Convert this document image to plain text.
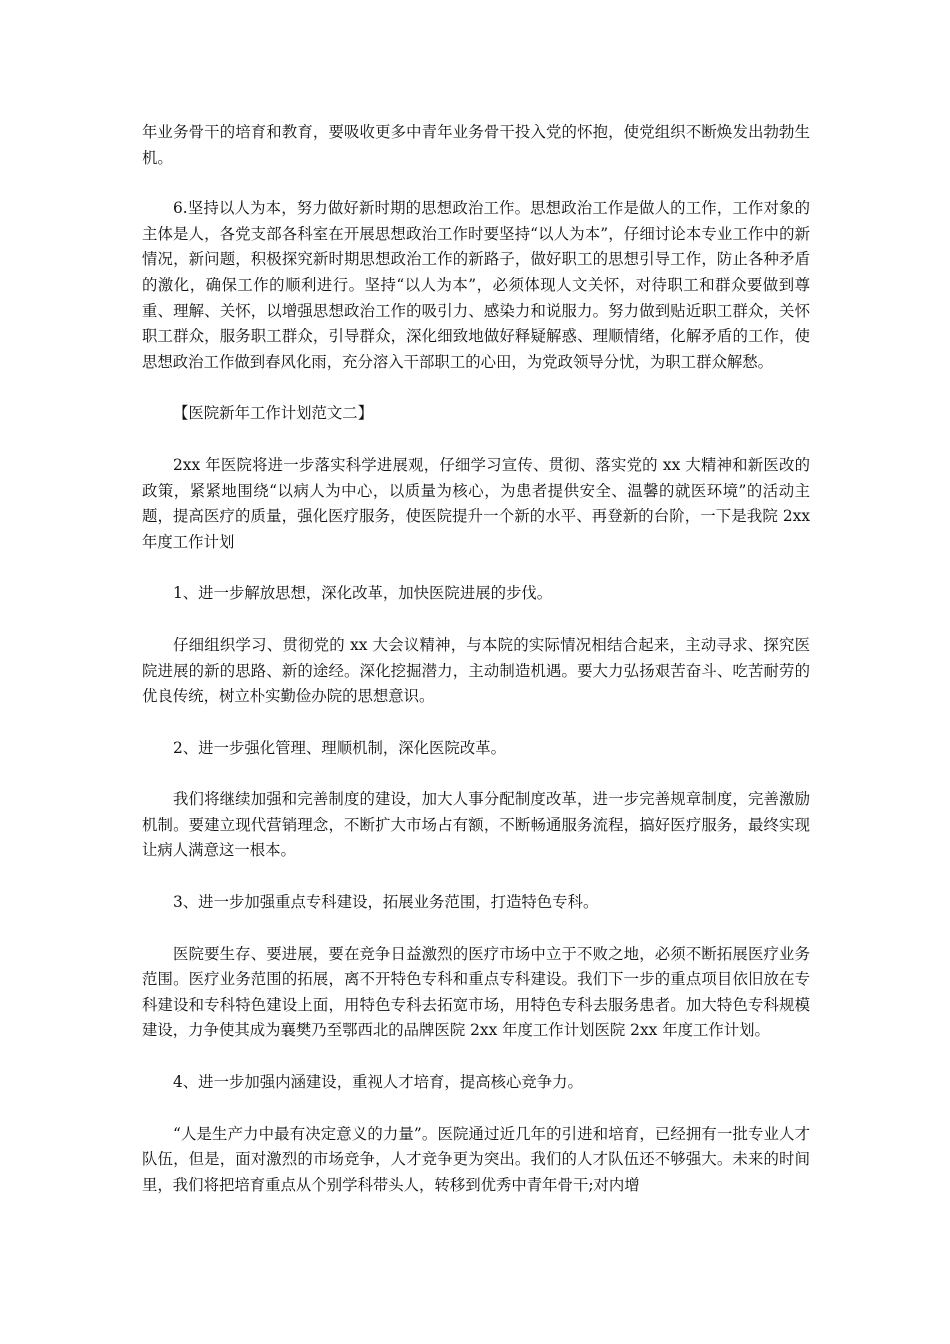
年业务骨干的培育和教育，要吸收更多中青年业务骨干投入党的怀抱，使党组织不断焕发出勃勃生机。

6.坚持以人为本，努力做好新时期的思想政治工作。思想政治工作是做人的工作，工作对象的主体是人，各党支部各科室在开展思想政治工作时要坚持“以人为本”，仔细讨论本专业工作中的新情况，新问题，积极探究新时期思想政治工作的新路子，做好职工的思想引导工作，防止各种矛盾的激化，确保工作的顺利进行。坚持“以人为本”，必须体现人文关怀，对待职工和群众要做到尊重、理解、关怀，以增强思想政治工作的吸引力、感染力和说服力。努力做到贴近职工群众，关怀职工群众，服务职工群众，引导群众，深化细致地做好释疑解惑、理顺情绪，化解矛盾的工作，使思想政治工作做到春风化雨，充分溶入干部职工的心田，为党政领导分忧，为职工群众解愁。

【医院新年工作计划范文二】

2xx 年医院将进一步落实科学进展观，仔细学习宣传、贯彻、落实党的 xx 大精神和新医改的政策，紧紧地围绕“以病人为中心，以质量为核心，为患者提供安全、温馨的就医环境”的活动主题，提高医疗的质量，强化医疗服务，使医院提升一个新的水平、再登新的台阶，一下是我院 2xx 年度工作计划

1、进一步解放思想，深化改革，加快医院进展的步伐。

仔细组织学习、贯彻党的 xx 大会议精神，与本院的实际情况相结合起来，主动寻求、探究医院进展的新的思路、新的途经。深化挖掘潜力，主动制造机遇。要大力弘扬艰苦奋斗、吃苦耐劳的优良传统，树立朴实勤俭办院的思想意识。

2、进一步强化管理、理顺机制，深化医院改革。

我们将继续加强和完善制度的建设，加大人事分配制度改革，进一步完善规章制度，完善激励机制。要建立现代营销理念，不断扩大市场占有额，不断畅通服务流程，搞好医疗服务，最终实现让病人满意这一根本。

3、进一步加强重点专科建设，拓展业务范围，打造特色专科。

医院要生存、要进展，要在竞争日益激烈的医疗市场中立于不败之地，必须不断拓展医疗业务范围。医疗业务范围的拓展，离不开特色专科和重点专科建设。我们下一步的重点项目依旧放在专科建设和专科特色建设上面，用特色专科去拓宽市场，用特色专科去服务患者。加大特色专科规模建设，力争使其成为襄樊乃至鄂西北的品牌医院 2xx 年度工作计划医院 2xx 年度工作计划。

4、进一步加强内涵建设，重视人才培育，提高核心竞争力。

“人是生产力中最有决定意义的力量”。医院通过近几年的引进和培育，已经拥有一批专业人才队伍，但是，面对激烈的市场竞争，人才竞争更为突出。我们的人才队伍还不够强大。未来的时间里，我们将把培育重点从个别学科带头人，转移到优秀中青年骨干;对内增
